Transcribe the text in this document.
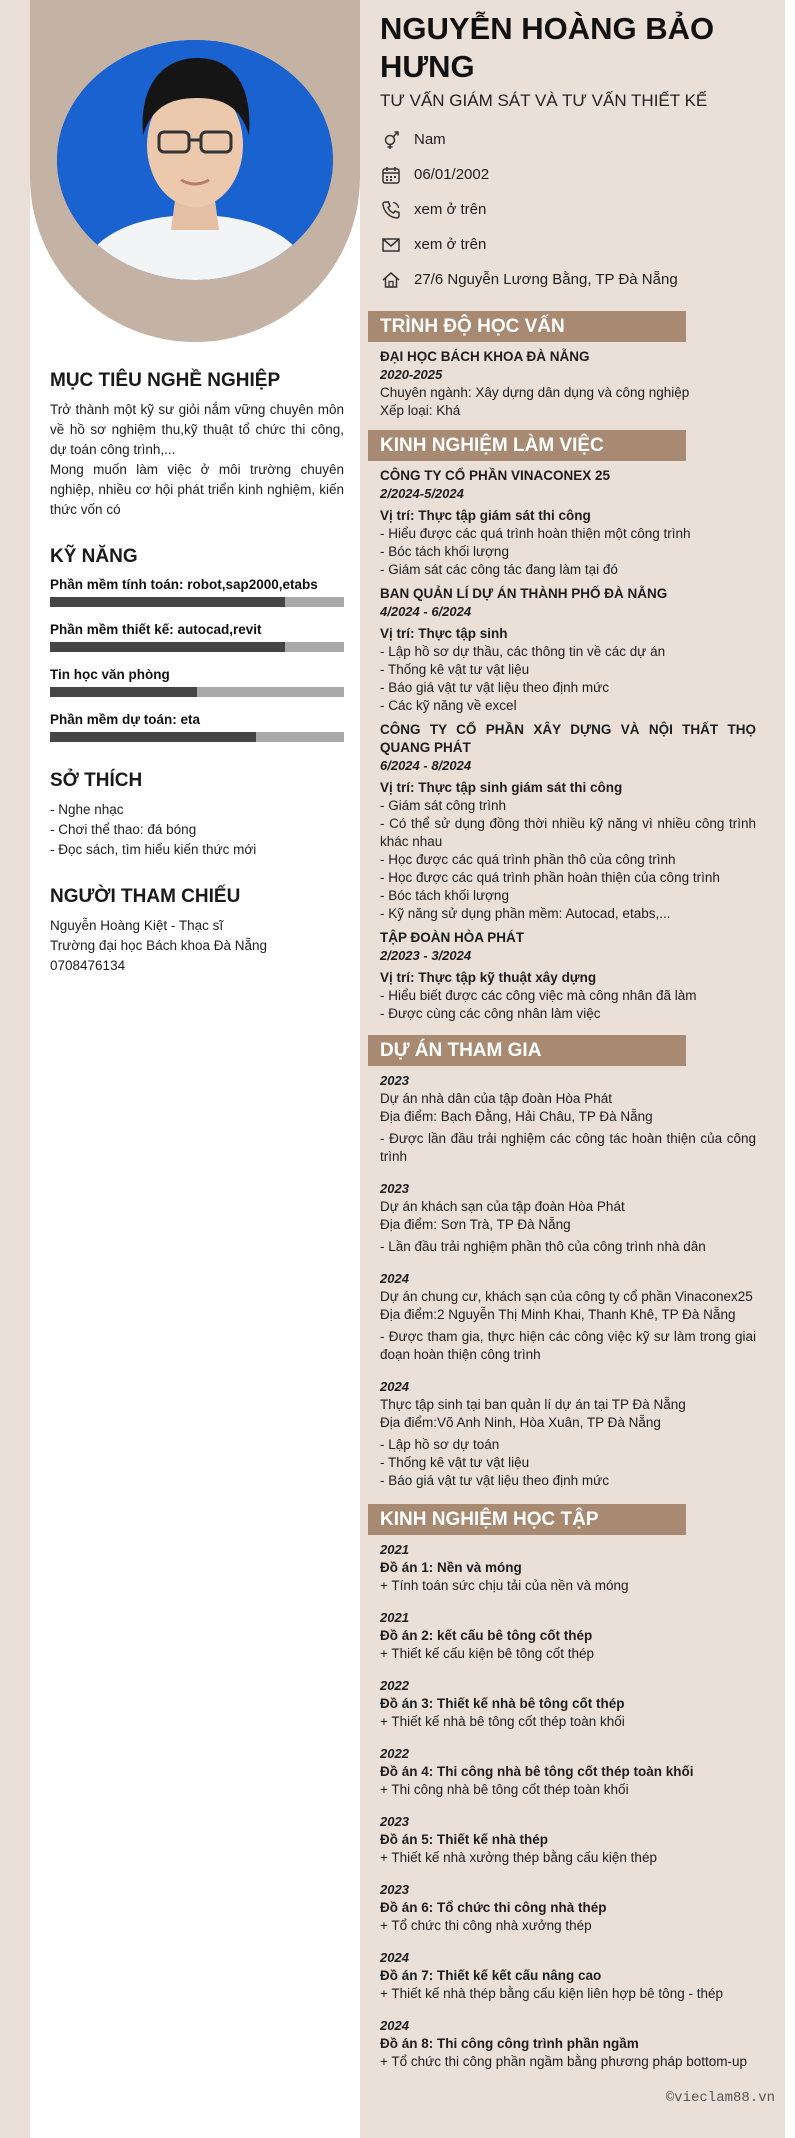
MỤC TIÊU NGHỀ NGHIỆP
Trở thành một kỹ sư giỏi nắm vững chuyên môn về hồ sơ nghiệm thu,kỹ thuật tổ chức thi công, dự toán công trình,...
Mong muốn làm việc ở môi trường chuyên nghiệp, nhiều cơ hội phát triển kinh nghiệm, kiến thức vốn có
KỸ NĂNG
Phần mềm tính toán: robot,sap2000,etabs
Phần mềm thiết kế: autocad,revit
Tin học văn phòng
Phần mềm dự toán: eta
SỞ THÍCH
- Nghe nhạc
- Chơi thể thao: đá bóng
- Đọc sách, tìm hiểu kiến thức mới
NGƯỜI THAM CHIẾU
Nguyễn Hoàng Kiệt - Thạc sĩ
Trường đại học Bách khoa Đà Nẵng
0708476134
NGUYỄN HOÀNG BẢO HƯNG
TƯ VẤN GIÁM SÁT VÀ TƯ VẤN THIẾT KẾ
Nam
06/01/2002
xem ở trên
xem ở trên
27/6 Nguyễn Lương Bằng, TP Đà Nẵng
TRÌNH ĐỘ HỌC VẤN
ĐẠI HỌC BÁCH KHOA ĐÀ NẴNG
2020-2025
Chuyên ngành: Xây dựng dân dụng và công nghiệp
Xếp loại: Khá
KINH NGHIỆM LÀM VIỆC
CÔNG TY CỔ PHẦN VINACONEX 25
2/2024-5/2024
Vị trí: Thực tập giám sát thi công
- Hiểu được các quá trình hoàn thiện một công trình
- Bóc tách khối lượng
- Giám sát các công tác đang làm tại đó
BAN QUẢN LÍ DỰ ÁN THÀNH PHỐ ĐÀ NẴNG
4/2024 - 6/2024
Vị trí: Thực tập sinh
- Lập hồ sơ dự thầu, các thông tin về các dự án
- Thống kê vật tư vật liệu
- Báo giá vật tư vật liệu theo định mức
- Các kỹ năng về excel
CÔNG TY CỔ PHẦN XÂY DỰNG VÀ NỘI THẤT THỌ QUANG PHÁT
6/2024 - 8/2024
Vị trí: Thực tập sinh giám sát thi công
- Giám sát công trình
- Có thể sử dụng đồng thời nhiều kỹ năng vì nhiều công trình khác nhau
- Học được các quá trình phần thô của công trình
- Học được các quá trình phần hoàn thiện của công trình
- Bóc tách khối lượng
- Kỹ năng sử dụng phần mềm: Autocad, etabs,...
TẬP ĐOÀN HÒA PHÁT
2/2023 - 3/2024
Vị trí: Thực tập kỹ thuật xây dựng
- Hiểu biết được các công việc mà công nhân đã làm
- Được cùng các công nhân làm việc
DỰ ÁN THAM GIA
2023
Dự án nhà dân của tập đoàn Hòa Phát
Địa điểm: Bạch Đằng, Hải Châu, TP Đà Nẵng
- Được lần đầu trải nghiệm các công tác hoàn thiện của công trình
2023
Dự án khách sạn của tập đoàn Hòa Phát
Địa điểm: Sơn Trà, TP Đà Nẵng
- Lần đầu trải nghiệm phần thô của công trình nhà dân
2024
Dự án chung cư, khách sạn của công ty cổ phần Vinaconex25
Địa điểm:2 Nguyễn Thị Minh Khai, Thanh Khê, TP Đà Nẵng
- Được tham gia, thực hiện các công việc kỹ sư làm trong giai đoạn hoàn thiện công trình
2024
Thực tập sinh tại ban quản lí dự án tại TP Đà Nẵng
Địa điểm:Võ Anh Ninh, Hòa Xuân, TP Đà Nẵng
- Lập hồ sơ dự toán
- Thống kê vật tư vật liệu
- Báo giá vật tư vật liệu theo định mức
KINH NGHIỆM HỌC TẬP
2021
Đồ án 1: Nền và móng
+ Tính toán sức chịu tải của nền và móng
2021
Đồ án 2: kết cấu bê tông cốt thép
+ Thiết kế cấu kiện bê tông cốt thép
2022
Đồ án 3: Thiết kế nhà bê tông cốt thép
+ Thiết kế nhà bê tông cốt thép toàn khối
2022
Đồ án 4: Thi công nhà bê tông cốt thép toàn khối
+ Thi công nhà bê tông cốt thép toàn khối
2023
Đồ án 5: Thiết kế nhà thép
+ Thiết kế nhà xưởng thép bằng cấu kiện thép
2023
Đồ án 6: Tổ chức thi công nhà thép
+ Tổ chức thi công nhà xưởng thép
2024
Đồ án 7: Thiết kế kết cấu nâng cao
+ Thiết kế nhà thép bằng cấu kiện liên hợp bê tông - thép
2024
Đồ án 8: Thi công công trình phần ngầm
+ Tổ chức thi công phần ngầm bằng phương pháp bottom-up
©vieclam88.vn
